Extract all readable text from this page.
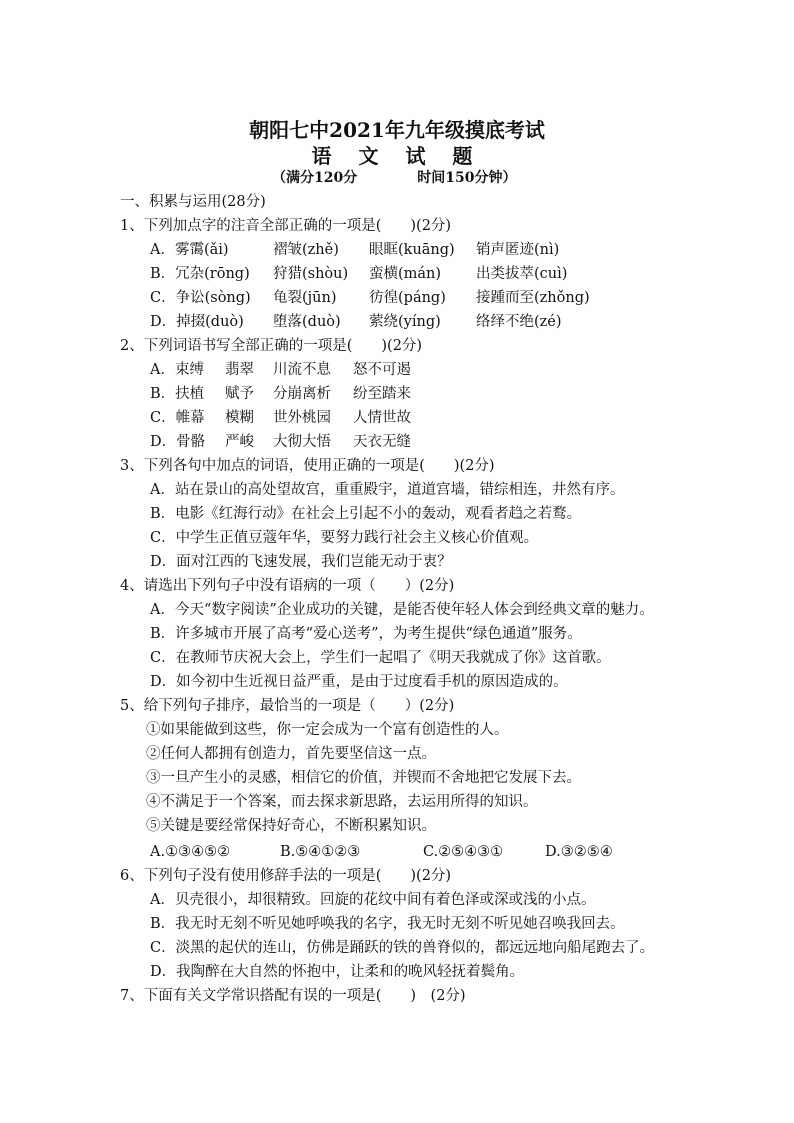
朝阳七中2021年九年级摸底考试
语 文 试 题
（满分120分	时间150分钟）
一、积累与运用(28分)
1、下列加点字的注音全部正确的一项是(　　)(2分)
A．雾霭(ǎi)	褶皱(zhě) 眼眶(kuāng) 销声匿迹(nì)
B．冗杂(rōng) 狩猎(shòu) 蛮横(mán) 出类拔萃(cuì)
C．争讼(sòng) 龟裂(jūn) 彷徨(páng) 接踵而至(zhǒng)
D．掉掇(duò) 堕落(duò) 萦绕(yíng) 络绎不绝(zé)
2、下列词语书写全部正确的一项是(　　)(2分)
A．束缚 翡翠 川流不息 怒不可遏
B．扶植 赋予 分崩离析 纷至踏来
C．帷幕 模糊 世外桃园 人情世故
D．骨骼 严峻 大彻大悟 天衣无缝
3、下列各句中加点的词语，使用正确的一项是(　　)(2分)
A．站在景山的高处望故宫，重重殿宇，道道宫墙，错综相连，井然有序。
B．电影《红海行动》在社会上引起不小的轰动，观看者趋之若鹜。
C．中学生正值豆蔻年华，要努力践行社会主义核心价值观。
D．面对江西的飞速发展，我们岂能无动于衷？
4、请选出下列句子中没有语病的一项（　　）(2分)
A．今天“数字阅读”企业成功的关键，是能否使年轻人体会到经典文章的魅力。
B．许多城市开展了高考“爱心送考”，为考生提供“绿色通道”服务。
C．在教师节庆祝大会上，学生们一起唱了《明天我就成了你》这首歌。
D．如今初中生近视日益严重，是由于过度看手机的原因造成的。
5、给下列句子排序，最恰当的一项是（　　）(2分)
①如果能做到这些，你一定会成为一个富有创造性的人。
②任何人都拥有创造力，首先要坚信这一点。
③一旦产生小的灵感，相信它的价值，并锲而不舍地把它发展下去。
④不满足于一个答案，而去探求新思路，去运用所得的知识。
⑤关键是要经常保持好奇心，不断积累知识。
A.①③④⑤②	B.⑤④①②③	C.②⑤④③①	D.③②⑤④
6、下列句子没有使用修辞手法的一项是(　　)(2分)
A．贝壳很小，却很精致。回旋的花纹中间有着色泽或深或浅的小点。
B．我无时无刻不听见她呼唤我的名字，我无时无刻不听见她召唤我回去。
C．淡黑的起伏的连山，仿佛是踊跃的铁的兽脊似的，都远远地向船尾跑去了。
D．我陶醉在大自然的怀抱中，让柔和的晚风轻抚着鬓角。
7、下面有关文学常识搭配有误的一项是(　　)　(2分)
